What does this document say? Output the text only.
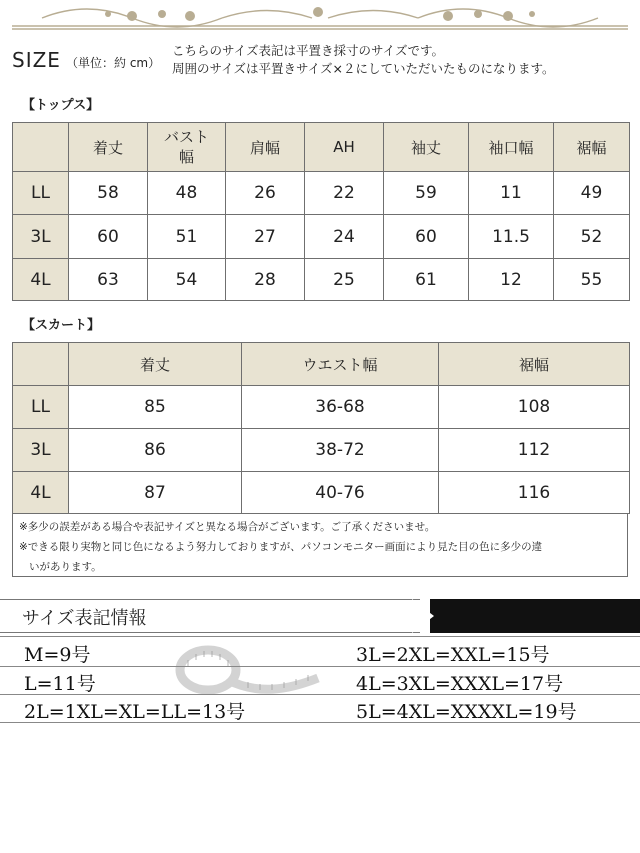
SIZE （単位：約 cm）
こちらのサイズ表記は平置き採寸のサイズです。
周囲のサイズは平置きサイズ×２にしていただいたものになります。
【トップス】
	着丈	バスト幅	肩幅	AH	袖丈	袖口幅	裾幅
LL	58	48	26	22	59	11	49
3L	60	51	27	24	60	11.5	52
4L	63	54	28	25	61	12	55
【スカート】
	着丈	ウエスト幅	裾幅
LL	85	36-68	108
3L	86	38-72	112
4L	87	40-76	116

※多少の誤差がある場合や表記サイズと異なる場合がございます。ご了承くださいませ。

※できる限り実物と同じ色になるよう努力しておりますが、パソコンモニター画面により見た目の色に多少の違

いがあります。

サイズ表記情報
M=9号
L=11号
2L=1XL=XL=LL=13号
3L=2XL=XXL=15号
4L=3XL=XXXL=17号
5L=4XL=XXXXL=19号
